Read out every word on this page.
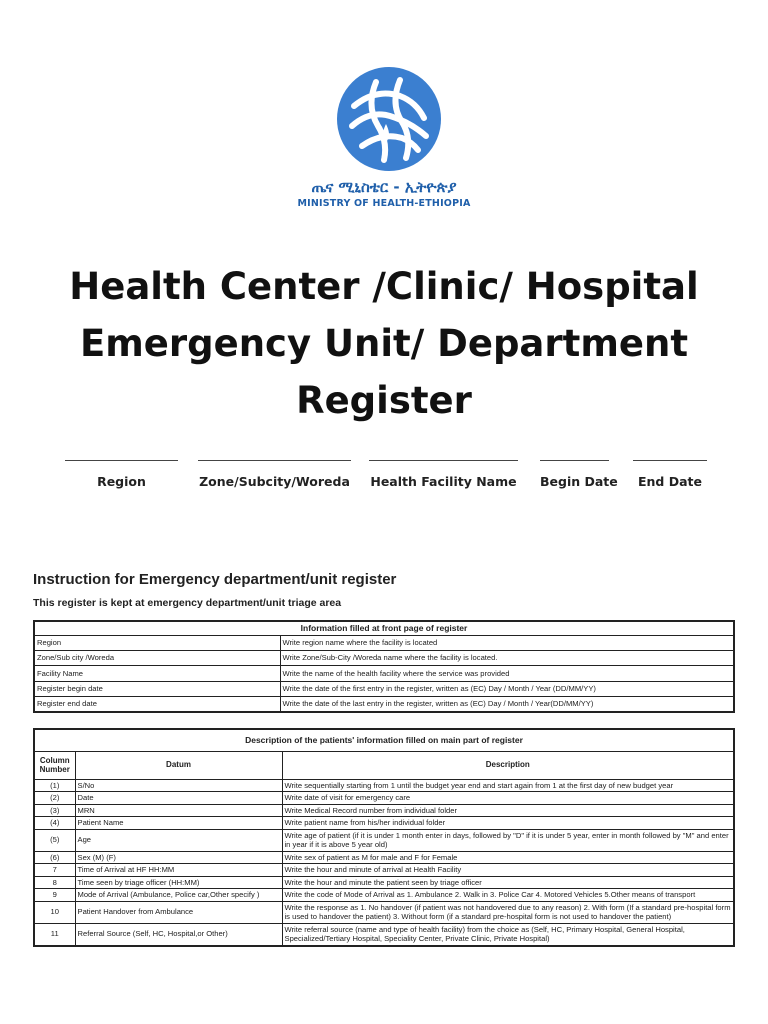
ጤና ሚኒስቴር - ኢትዮጵያ
MINISTRY OF HEALTH-ETHIOPIA
Health Center /Clinic/ Hospital
Emergency Unit/ Department
Register
Region	Zone/Subcity/Woreda Health Facility Name Begin Date	End Date
Instruction for Emergency department/unit register
This register is kept at emergency department/unit triage area
Information filled at front page of register	
Region	Write region name where the facility is located
Zone/Sub city /Woreda	Write Zone/Sub-City /Woreda name where the facility is located.
Facility Name	Write the name of the health facility where the service was provided
Register begin date	Write the date of the first entry in the register, written as (EC) Day / Month / Year (DD/MM/YY)
Register end date	Write the date of the last entry in the register, written as (EC) Day / Month / Year(DD/MM/YY)
Description of the patients' information filled on main part of register		
Column Number	Datum	Description
(1)	S/No	Write sequentially starting from 1 until the budget year end and start again from 1 at the first day of new budget year
(2)	Date	Write date of visit for emergency care
(3)	MRN	Write Medical Record number from individual folder
(4)	Patient Name	Write patient name from his/her individual folder
(5)	Age	Write age of patient (if it is under 1 month enter in days, followed by "D" if it is under 5 year, enter in month followed by "M" and enter in year if it is above 5 year old)
(6)	Sex (M) (F)	Write sex of patient as M for male and F for Female
7	Time of Arrival at HF HH:MM	Write the hour and minute of arrival at Health Facility
8	Time seen by triage officer (HH:MM)	Write the hour and minute the patient seen by triage officer
9	Mode of Arrival (Ambulance, Police car,Other specify )	Write the code of Mode of Arrival as 1. Ambulance 2. Walk in 3. Police Car 4. Motored Vehicles 5.Other means of transport
10	Patient Handover from Ambulance	Write the response as 1. No handover (if patient was not handovered due to any reason) 2. With form (If a standard pre-hospital form is used to handover the patient) 3. Without form (if a standard pre-hospital form is not used to handover the patient)
11	Referral Source (Self, HC, Hospital,or Other)	Write referral source (name and type of health facility) from the choice as (Self, HC, Primary Hospital, General Hospital, Specialized/Tertiary Hospital, Speciality Center, Private Clinic, Private Hospital)
